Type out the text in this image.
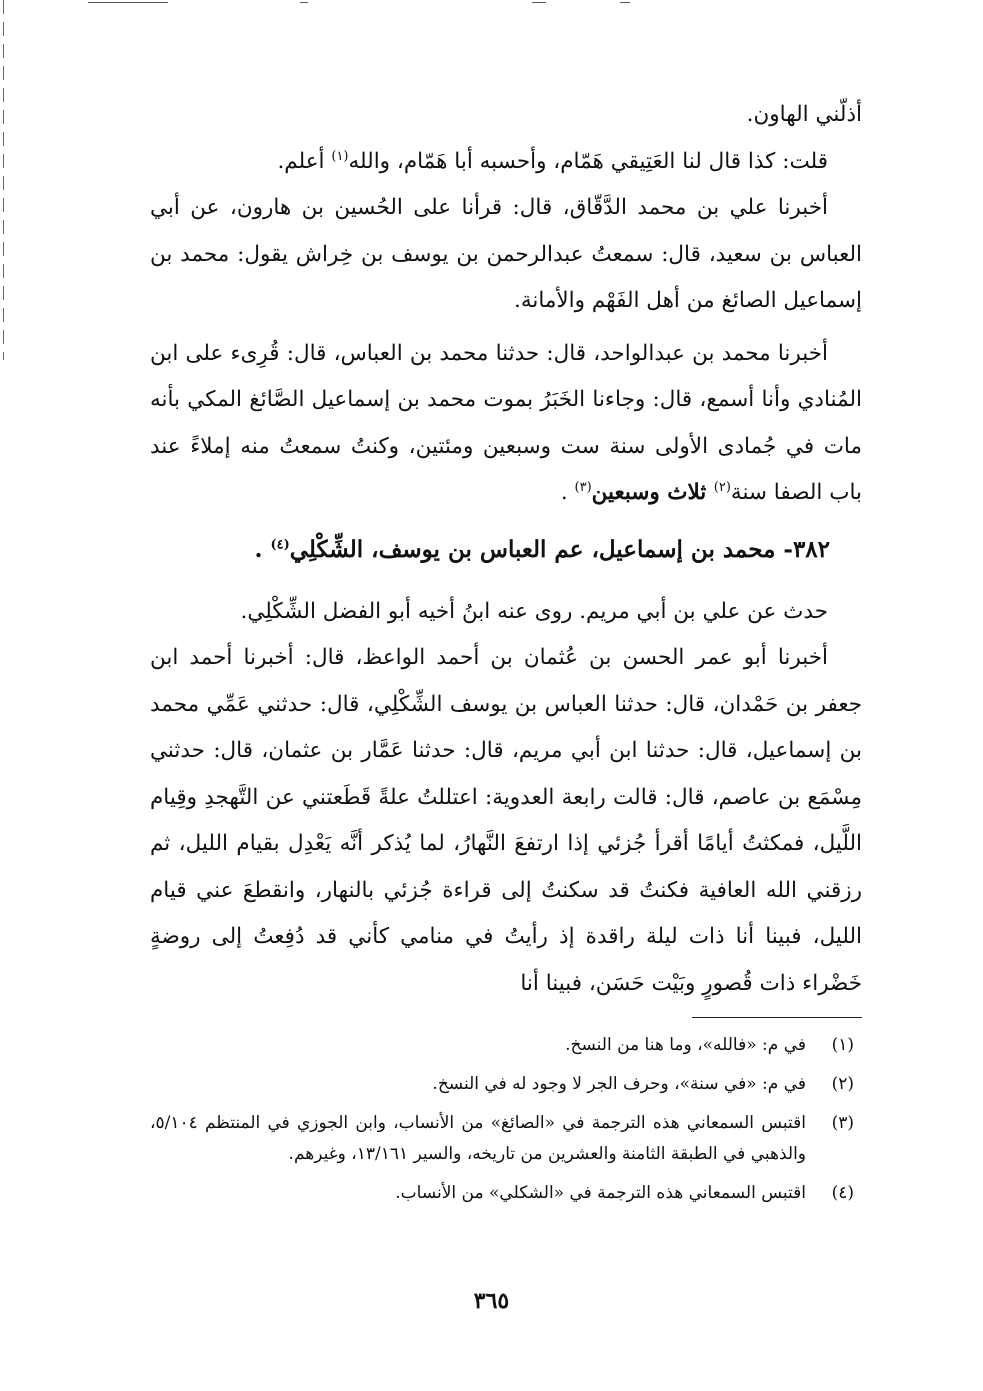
أذلّني الهاون.

قلت: كذا قال لنا العَتِيقي هَمّام، وأحسبه أبا هَمّام، والله$^{(١)}$ أعلم.

أخبرنا علي بن محمد الدَّقّاق، قال: قرأنا على الحُسين بن هارون، عن أبي العباس بن سعيد، قال: سمعتُ عبدالرحمن بن يوسف بن خِراش يقول: محمد بن إسماعيل الصائغ من أهل الفَهْم والأمانة.

أخبرنا محمد بن عبدالواحد، قال: حدثنا محمد بن العباس، قال: قُرِىء على ابن المُنادي وأنا أسمع، قال: وجاءنا الخَبَرُ بموت محمد بن إسماعيل الصَّائغ المكي بأنه مات في جُمادى الأولى سنة ست وسبعين ومئتين، وكنتُ سمعتُ منه إملاءً عند باب الصفا سنة$^{(٢)}$ ثلاث وسبعين$^{(٣)}$ .

٣٨٢- محمد بن إسماعيل، عم العباس بن يوسف، الشِّكْلِي$^{(٤)}$ .

حدث عن علي بن أبي مريم. روى عنه ابنُ أخيه أبو الفضل الشِّكْلِي.

أخبرنا أبو عمر الحسن بن عُثمان بن أحمد الواعظ، قال: أخبرنا أحمد ابن جعفر بن حَمْدان، قال: حدثنا العباس بن يوسف الشِّكْلِي، قال: حدثني عَمِّي محمد بن إسماعيل، قال: حدثنا ابن أبي مريم، قال: حدثنا عَمَّار بن عثمان، قال: حدثني مِسْمَع بن عاصم، قال: قالت رابعة العدوية: اعتللتُ علةً قَطَعتني عن التَّهجدِ وقِيام اللَّيل، فمكثتُ أيامًا أقرأ جُزئي إذا ارتفعَ النَّهارُ، لما يُذكر أنَّه يَعْدِل بقيام الليل، ثم رزقني الله العافية فكنتُ قد سكنتُ إلى قراءة جُزئي بالنهار، وانقطعَ عني قيام الليل، فبينا أنا ذات ليلة راقدة إذ رأيتُ في منامي كأني قد دُفِعتُ إلى روضةٍ خَضْراء ذات قُصورٍ وبَيْت حَسَن، فبينا أنا

(١)
في م: «فالله»، وما هنا من النسخ.
(٢)
في م: «في سنة»، وحرف الجر لا وجود له في النسخ.
(٣)
اقتبس السمعاني هذه الترجمة في «الصائغ» من الأنساب، وابن الجوزي في المنتظم ٥/١٠٤، والذهبي في الطبقة الثامنة والعشرين من تاريخه، والسير ١٣/١٦١، وغيرهم.
(٤)
اقتبس السمعاني هذه الترجمة في «الشكلي» من الأنساب.
٣٦٥
